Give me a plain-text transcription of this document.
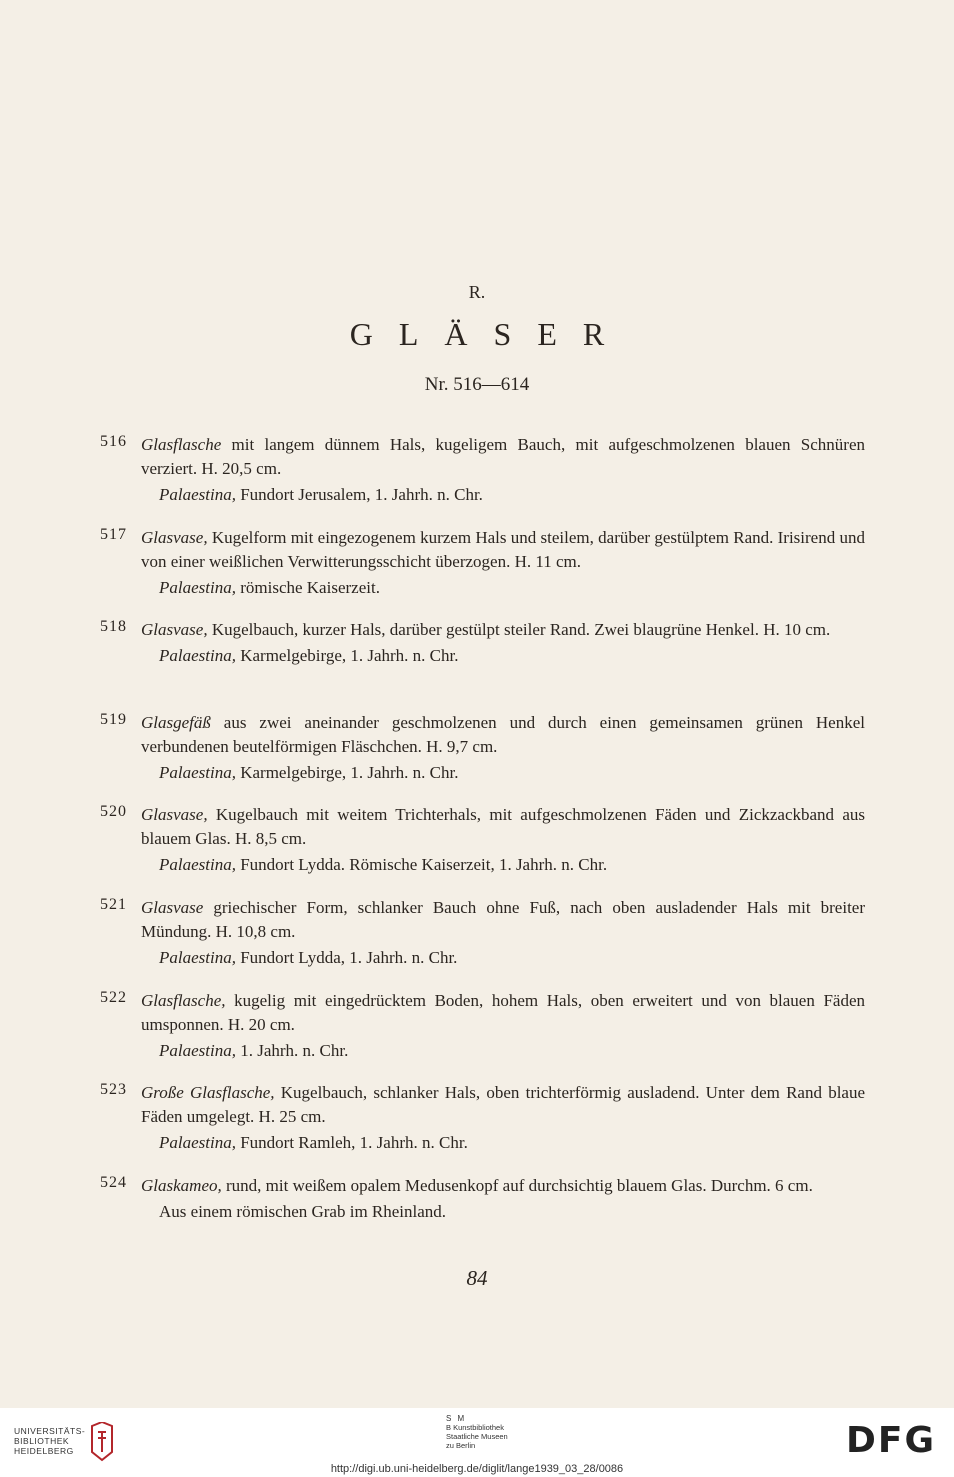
R.
GLÄSER
Nr. 516—614
516 Glasflasche mit langem dünnem Hals, kugeligem Bauch, mit aufgeschmolzenen blauen Schnüren verziert. H. 20,5 cm.
Palaestina, Fundort Jerusalem, 1. Jahrh. n. Chr.
517 Glasvase, Kugelform mit eingezogenem kurzem Hals und steilem, darüber gestülptem Rand. Irisirend und von einer weißlichen Verwitterungsschicht überzogen. H. 11 cm.
Palaestina, römische Kaiserzeit.
518 Glasvase, Kugelbauch, kurzer Hals, darüber gestülpt steiler Rand. Zwei blaugrüne Henkel. H. 10 cm.
Palaestina, Karmelgebirge, 1. Jahrh. n. Chr.
519 Glasgefäß aus zwei aneinander geschmolzenen und durch einen gemeinsamen grünen Henkel verbundenen beutelförmigen Fläschchen. H. 9,7 cm.
Palaestina, Karmelgebirge, 1. Jahrh. n. Chr.
520 Glasvase, Kugelbauch mit weitem Trichterhals, mit aufgeschmolzenen Fäden und Zickzackband aus blauem Glas. H. 8,5 cm.
Palaestina, Fundort Lydda. Römische Kaiserzeit, 1. Jahrh. n. Chr.
521 Glasvase griechischer Form, schlanker Bauch ohne Fuß, nach oben ausladender Hals mit breiter Mündung. H. 10,8 cm.
Palaestina, Fundort Lydda, 1. Jahrh. n. Chr.
522 Glasflasche, kugelig mit eingedrücktem Boden, hohem Hals, oben erweitert und von blauen Fäden umsponnen. H. 20 cm.
Palaestina, 1. Jahrh. n. Chr.
523 Große Glasflasche, Kugelbauch, schlanker Hals, oben trichterförmig ausladend. Unter dem Rand blaue Fäden umgelegt. H. 25 cm.
Palaestina, Fundort Ramleh, 1. Jahrh. n. Chr.
524 Glaskameo, rund, mit weißem opalem Medusenkopf auf durchsichtig blauem Glas. Durchm. 6 cm.
Aus einem römischen Grab im Rheinland.
84
UNIVERSITÄTS-
BIBLIOTHEK
HEIDELBERG
S M
B Kunstbibliothek
Staatliche Museen
zu Berlin	DFG
http://digi.ub.uni-heidelberg.de/diglit/lange1939_03_28/0086
